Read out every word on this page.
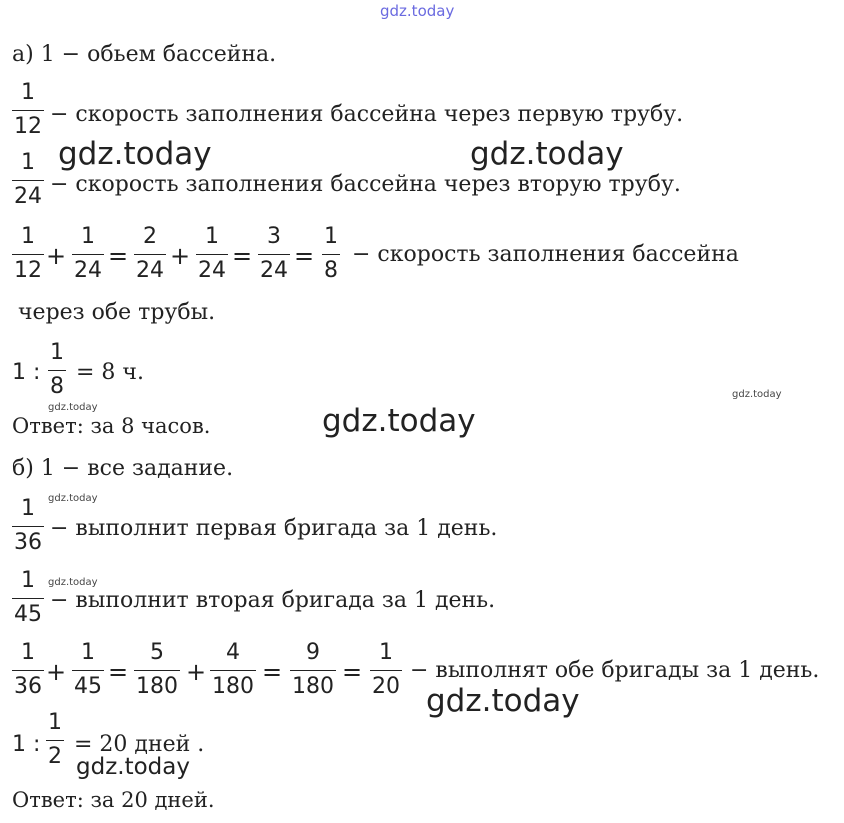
gdz.today
а) 1 − обьем бассейна.
1
12 − скорость заполнения бассейна через первую трубу.
gdz.today	gdz.today
1
24 − скорость заполнения бассейна через вторую трубу.
1
12
+
1
24
=
2
24
+
1
24
=
3
24
=
1
8
− скорость заполнения бассейна
через обе трубы.
1 :
1
8
= 8 ч.
gdz.today
gdz.today
Ответ: за 8 часов.	gdz.today
б) 1 − все задание.
gdz.today
1
36
− выполнит первая бригада за 1 день.
gdz.today
1
45
− выполнит вторая бригада за 1 день.
1
36
+
1
45
=
5
180
+
4
180
=
9
180
=
1
20
− выполнят обе бригады за 1 день.
gdz.today
1 :
1
2 = 20 дней .
gdz.today
Ответ: за 20 дней.
